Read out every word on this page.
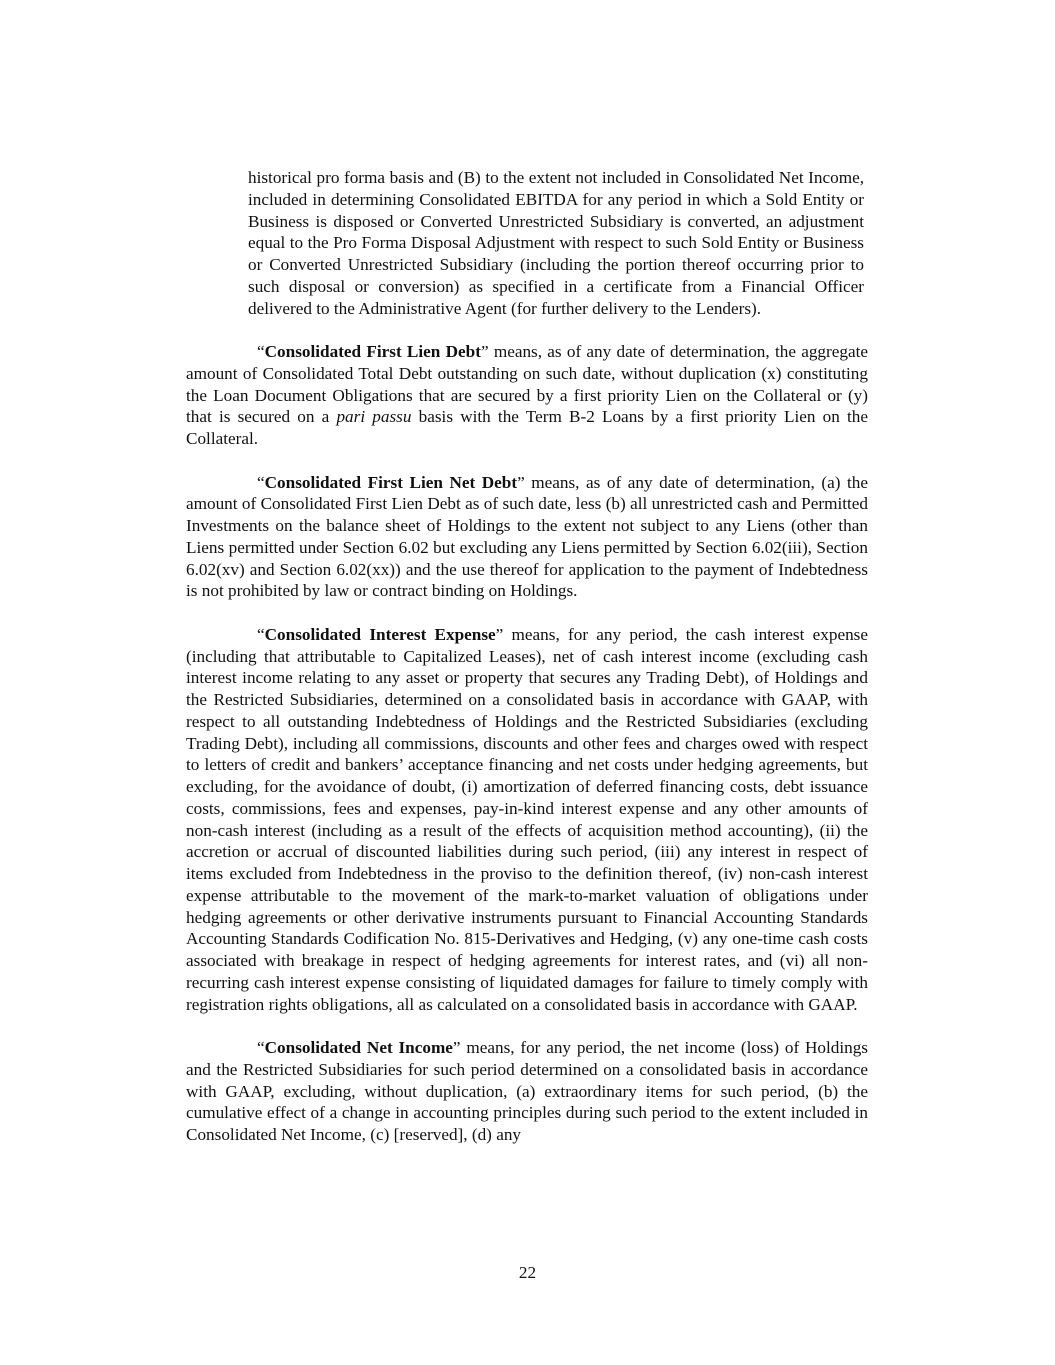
historical pro forma basis and (B) to the extent not included in Consolidated Net Income, included in determining Consolidated EBITDA for any period in which a Sold Entity or Business is disposed or Converted Unrestricted Subsidiary is converted, an adjustment equal to the Pro Forma Disposal Adjustment with respect to such Sold Entity or Business or Converted Unrestricted Subsidiary (including the portion thereof occurring prior to such disposal or conversion) as specified in a certificate from a Financial Officer delivered to the Administrative Agent (for further delivery to the Lenders).

“Consolidated First Lien Debt” means, as of any date of determination, the aggregate amount of Consolidated Total Debt outstanding on such date, without duplication (x) constituting the Loan Document Obligations that are secured by a first priority Lien on the Collateral or (y) that is secured on a pari passu basis with the Term B-2 Loans by a first priority Lien on the Collateral.

“Consolidated First Lien Net Debt” means, as of any date of determination, (a) the amount of Consolidated First Lien Debt as of such date, less (b) all unrestricted cash and Permitted Investments on the balance sheet of Holdings to the extent not subject to any Liens (other than Liens permitted under Section 6.02 but excluding any Liens permitted by Section 6.02(iii), Section 6.02(xv) and Section 6.02(xx)) and the use thereof for application to the payment of Indebtedness is not prohibited by law or contract binding on Holdings.

“Consolidated Interest Expense” means, for any period, the cash interest expense (including that attributable to Capitalized Leases), net of cash interest income (excluding cash interest income relating to any asset or property that secures any Trading Debt), of Holdings and the Restricted Subsidiaries, determined on a consolidated basis in accordance with GAAP, with respect to all outstanding Indebtedness of Holdings and the Restricted Subsidiaries (excluding Trading Debt), including all commissions, discounts and other fees and charges owed with respect to letters of credit and bankers’ acceptance financing and net costs under hedging agreements, but excluding, for the avoidance of doubt, (i) amortization of deferred financing costs, debt issuance costs, commissions, fees and expenses, pay-in-kind interest expense and any other amounts of non-cash interest (including as a result of the effects of acquisition method accounting), (ii) the accretion or accrual of discounted liabilities during such period, (iii) any interest in respect of items excluded from Indebtedness in the proviso to the definition thereof, (iv) non-cash interest expense attributable to the movement of the mark-to-market valuation of obligations under hedging agreements or other derivative instruments pursuant to Financial Accounting Standards Accounting Standards Codification No. 815-Derivatives and Hedging, (v) any one-time cash costs associated with breakage in respect of hedging agreements for interest rates, and (vi) all non-recurring cash interest expense consisting of liquidated damages for failure to timely comply with registration rights obligations, all as calculated on a consolidated basis in accordance with GAAP.

“Consolidated Net Income” means, for any period, the net income (loss) of Holdings and the Restricted Subsidiaries for such period determined on a consolidated basis in accordance with GAAP, excluding, without duplication, (a) extraordinary items for such period, (b) the cumulative effect of a change in accounting principles during such period to the extent included in Consolidated Net Income, (c) [reserved], (d) any

22
